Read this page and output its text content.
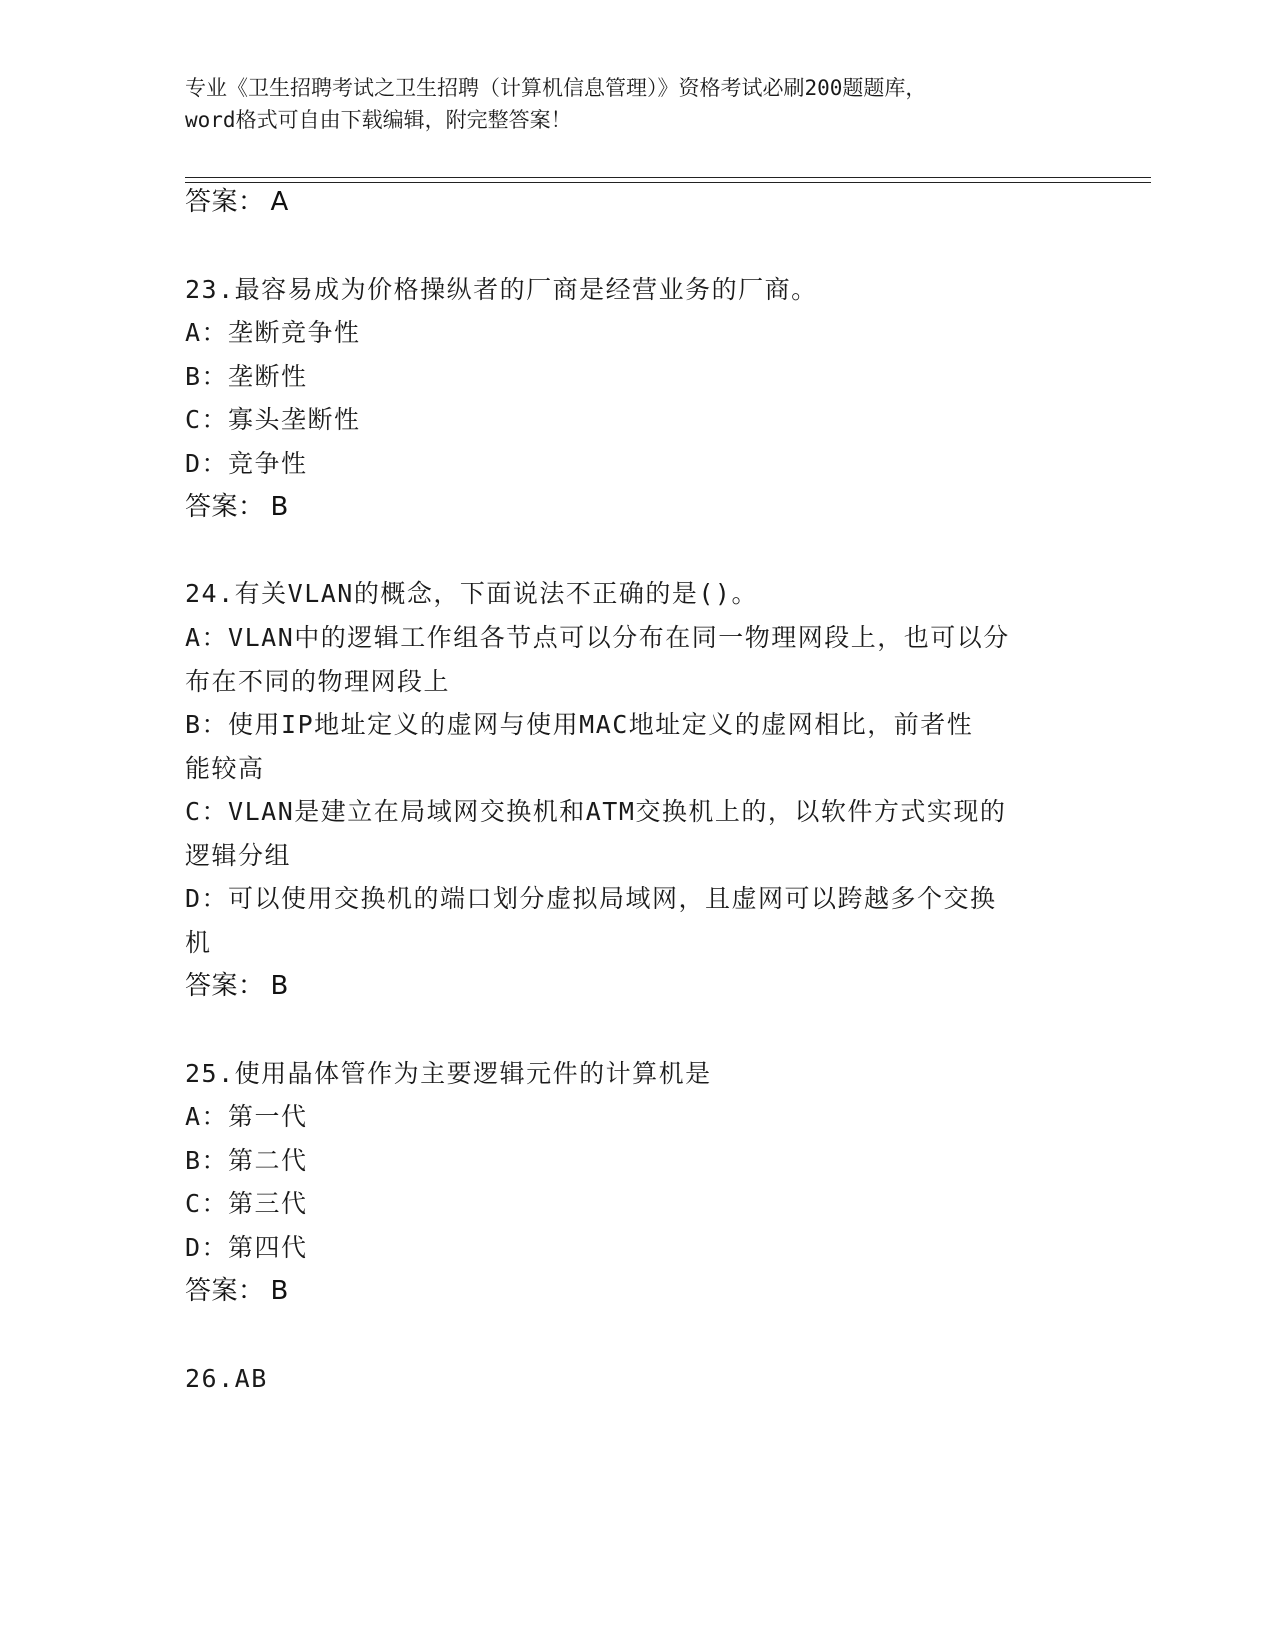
专业《卫生招聘考试之卫生招聘（计算机信息管理）》资格考试必刷200题题库，
word格式可自由下载编辑，附完整答案！
答案： A
23.最容易成为价格操纵者的厂商是经营业务的厂商。
A：垄断竞争性
B：垄断性
C：寡头垄断性
D：竞争性
答案： B
24.有关VLAN的概念，下面说法不正确的是()。
A：VLAN中的逻辑工作组各节点可以分布在同一物理网段上，也可以分
布在不同的物理网段上
B：使用IP地址定义的虚网与使用MAC地址定义的虚网相比，前者性
能较高
C：VLAN是建立在局域网交换机和ATM交换机上的，以软件方式实现的
逻辑分组
D：可以使用交换机的端口划分虚拟局域网，且虚网可以跨越多个交换
机
答案： B
25.使用晶体管作为主要逻辑元件的计算机是
A：第一代
B：第二代
C：第三代
D：第四代
答案： B
26.AB
